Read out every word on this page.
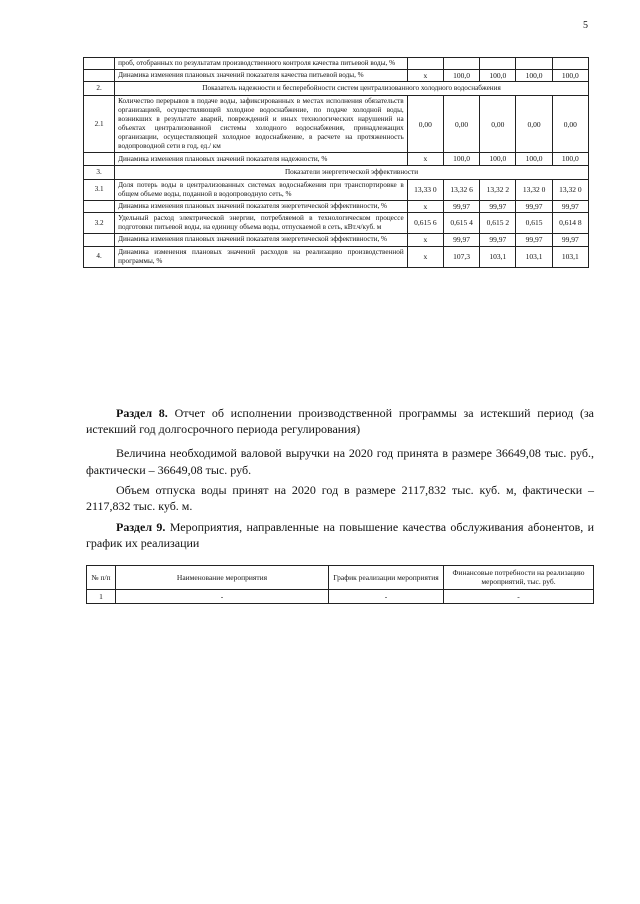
5
	проб, отобранных по результатам производственного контроля качества питьевой воды, %					
	Динамика изменения плановых значений показателя качества питьевой воды, %	х	100,0	100,0	100,0	100,0
2.	Показатель надежности и бесперебойности систем централизованного холодного водоснабжения					
2.1	Количество перерывов в подаче воды, зафиксированных в местах исполнения обязательств организацией, осуществляющей холодное водоснабжение, по подаче холодной воды, возникших в результате аварий, повреждений и иных технологических нарушений на объектах централизованной системы холодного водоснабжения, принадлежащих организации, осуществляющей холодное водоснабжение, в расчете на протяженность водопроводной сети в год, ед./ км	0,00	0,00	0,00	0,00	0,00
	Динамика изменения плановых значений показателя надежности, %	х	100,0	100,0	100,0	100,0
3.	Показатели энергетической эффективности					
3.1	Доля потерь воды в централизованных системах водоснабжения при транспортировке в общем объеме воды, поданной в водопроводную сеть, %	13,33 0	13,32 6	13,32 2	13,32 0	13,32 0
	Динамика изменения плановых значений показателя энергетической эффективности, %	х	99,97	99,97	99,97	99,97
3.2	Удельный расход электрической энергии, потребляемой в технологическом процессе подготовки питьевой воды, на единицу объема воды, отпускаемой в сеть, кВт.ч/куб. м	0,615 6	0,615 4	0,615 2	0,615	0,614 8
	Динамика изменения плановых значений показателя энергетической эффективности, %	х	99,97	99,97	99,97	99,97
4.	Динамика изменения плановых значений расходов на реализацию производственной программы, %	х	107,3	103,1	103,1	103,1

Раздел 8. Отчет об исполнении производственной программы за истекший период (за истекший год долгосрочного периода регулирования)

Величина необходимой валовой выручки на 2020 год принята в размере 36649,08 тыс. руб., фактически – 36649,08 тыс. руб.

Объем отпуска воды принят на 2020 год в размере 2117,832 тыс. куб. м, фактически – 2117,832 тыс. куб. м.

Раздел 9. Мероприятия, направленные на повышение качества обслуживания абонентов, и график их реализации

№ п/п	Наименование мероприятия	График реализации мероприятия	Финансовые потребности на реализацию мероприятий, тыс. руб.
1	-	-	-
